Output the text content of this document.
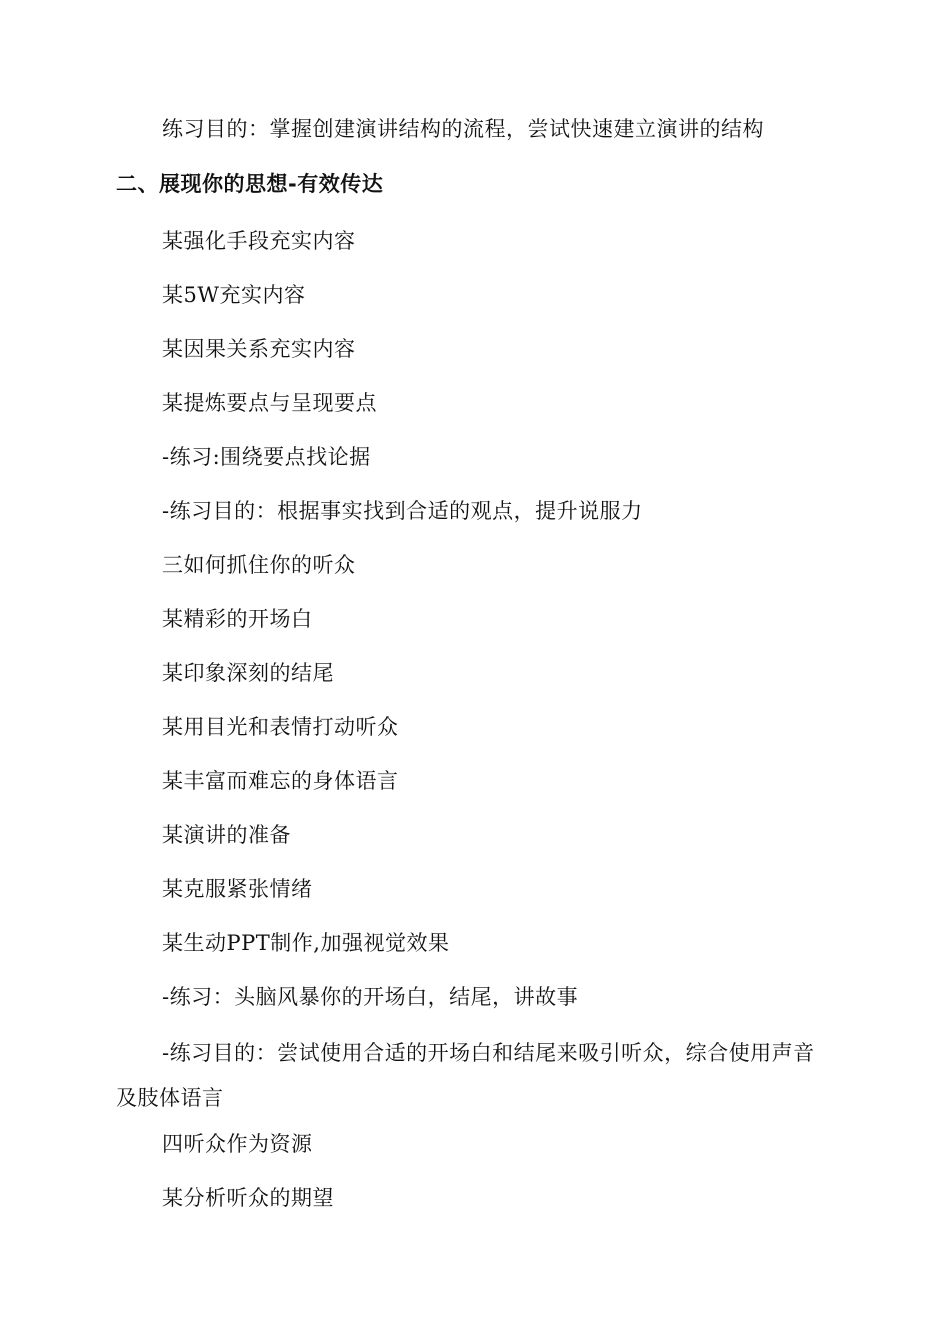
练习目的：掌握创建演讲结构的流程，尝试快速建立演讲的结构
二、展现你的思想-有效传达
某强化手段充实内容
某5W充实内容
某因果关系充实内容
某提炼要点与呈现要点
-练习:围绕要点找论据
-练习目的：根据事实找到合适的观点，提升说服力
三如何抓住你的听众
某精彩的开场白
某印象深刻的结尾
某用目光和表情打动听众
某丰富而难忘的身体语言
某演讲的准备
某克服紧张情绪
某生动PPT制作,加强视觉效果
-练习：头脑风暴你的开场白，结尾，讲故事
-练习目的：尝试使用合适的开场白和结尾来吸引听众，综合使用声音及肢体语言
四听众作为资源
某分析听众的期望
